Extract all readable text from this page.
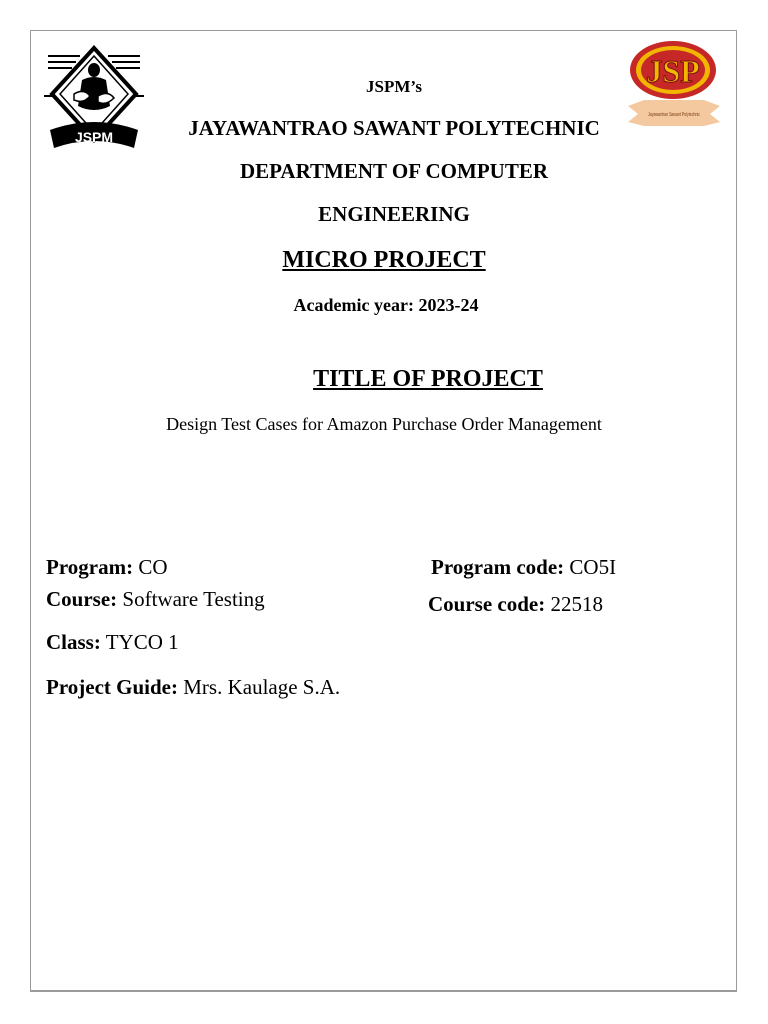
JSPM
JSP
Jayawantrao Sawant Polytechnic
JSPM’s
JAYAWANTRAO SAWANT POLYTECHNIC
DEPARTMENT OF COMPUTER
ENGINEERING
MICRO PROJECT
Academic year: 2023-24
TITLE OF PROJECT
Design Test Cases for Amazon Purchase Order Management
Program: CO
Course: Software Testing
Class: TYCO 1
Project Guide: Mrs. Kaulage S.A.
Program code: CO5I
Course code: 22518
